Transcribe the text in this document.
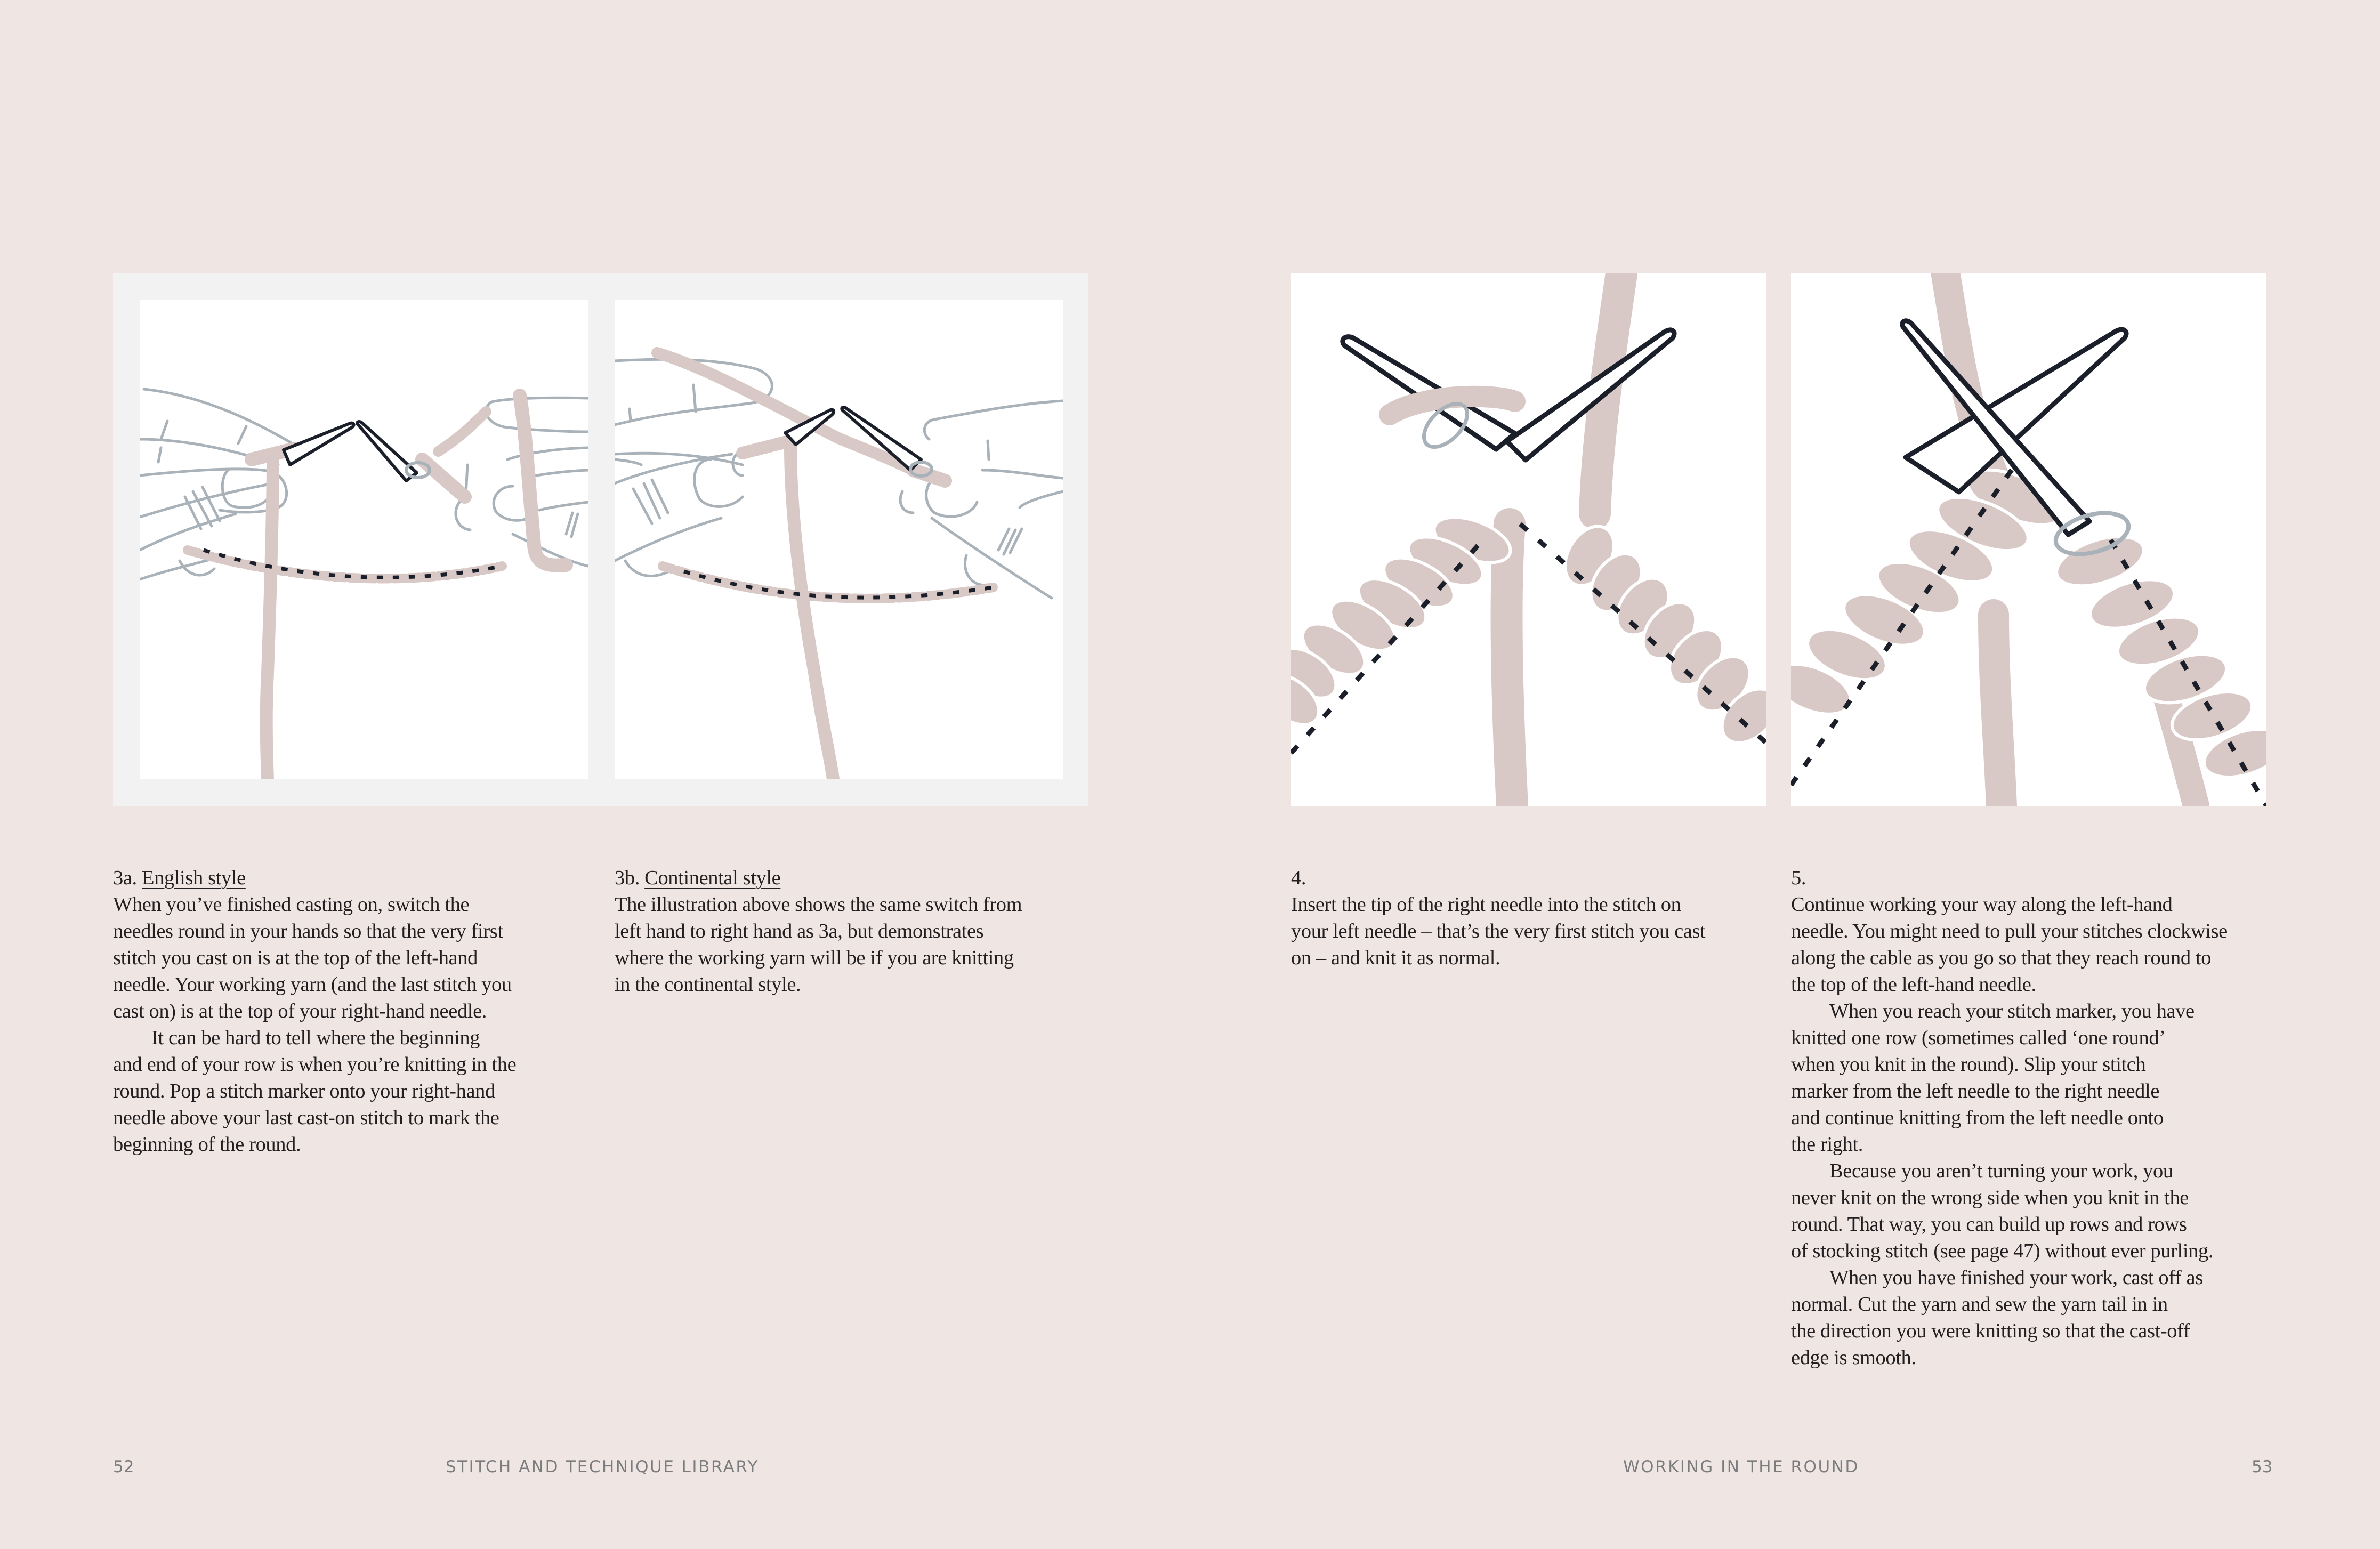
3a. English style
When you’ve finished casting on, switch the
needles round in your hands so that the very first
stitch you cast on is at the top of the left-hand
needle. Your working yarn (and the last stitch you
cast on) is at the top of your right-hand needle.
It can be hard to tell where the beginning
and end of your row is when you’re knitting in the
round. Pop a stitch marker onto your right-hand
needle above your last cast-on stitch to mark the
beginning of the round.
3b. Continental style
The illustration above shows the same switch from
left hand to right hand as 3a, but demonstrates
where the working yarn will be if you are knitting
in the continental style.
4.
Insert the tip of the right needle into the stitch on
your left needle – that’s the very first stitch you cast
on – and knit it as normal.
5.
Continue working your way along the left-hand
needle. You might need to pull your stitches clockwise
along the cable as you go so that they reach round to
the top of the left-hand needle.
When you reach your stitch marker, you have
knitted one row (sometimes called ‘one round’
when you knit in the round). Slip your stitch
marker from the left needle to the right needle
and continue knitting from the left needle onto
the right.
Because you aren’t turning your work, you
never knit on the wrong side when you knit in the
round. That way, you can build up rows and rows
of stocking stitch (see page 47) without ever purling.
When you have finished your work, cast off as
normal. Cut the yarn and sew the yarn tail in in
the direction you were knitting so that the cast-off
edge is smooth.
52	STITCH AND TECHNIQUE LIBRARY	WORKING IN THE ROUND	53
